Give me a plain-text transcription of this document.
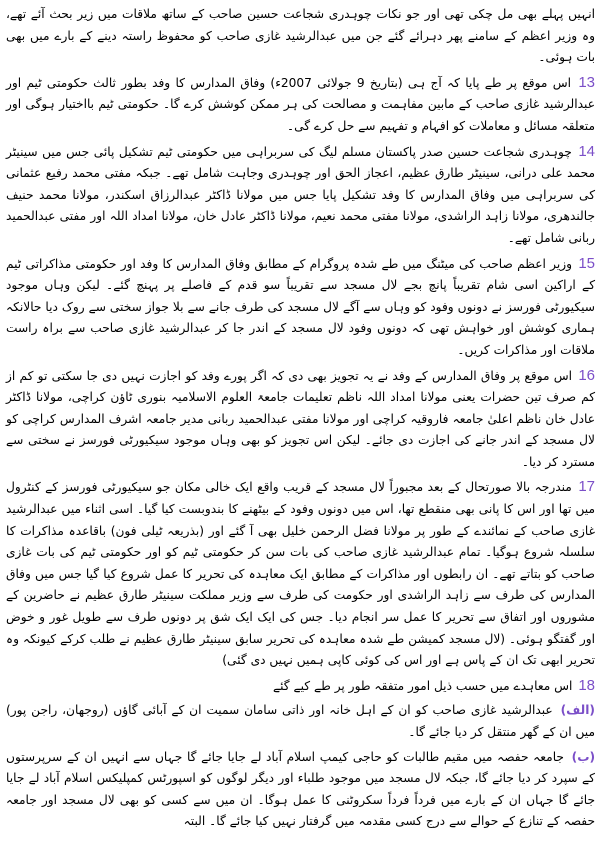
انہیں پہلے بھی مل چکی تھی اور جو نکات چوہدری شجاعت حسین صاحب کے ساتھ ملاقات میں زیر بحث آئے تھے، وہ وزیر اعظم کے سامنے پھر دہرائے گئے جن میں عبدالرشید غازی صاحب کو محفوظ راستہ دینے کے بارے میں بھی بات ہوئی۔

13 اس موقع پر طے پایا کہ آج ہی (بتاریخ 9 جولائی 2007ء) وفاق المدارس کا وفد بطور ثالث حکومتی ٹیم اور عبدالرشید غازی صاحب کے مابین مفاہمت و مصالحت کی ہر ممکن کوشش کرے گا۔ حکومتی ٹیم بااختیار ہوگی اور متعلقہ مسائل و معاملات کو افہام و تفہیم سے حل کرے گی۔

14 چوہدری شجاعت حسین صدر پاکستان مسلم لیگ کی سربراہی میں حکومتی ٹیم تشکیل پائی جس میں سینیٹر محمد علی درانی، سینیٹر طارق عظیم، اعجاز الحق اور چوہدری وجاہت شامل تھے۔ جبکہ مفتی محمد رفیع عثمانی کی سربراہی میں وفاق المدارس کا وفد تشکیل پایا جس میں مولانا ڈاکٹر عبدالرزاق اسکندر، مولانا محمد حنیف جالندھری، مولانا زاہد الراشدی، مولانا مفتی محمد نعیم، مولانا ڈاکٹر عادل خان، مولانا امداد اللہ اور مفتی عبدالحمید ربانی شامل تھے۔

15 وزیر اعظم صاحب کی میٹنگ میں طے شدہ پروگرام کے مطابق وفاق المدارس کا وفد اور حکومتی مذاکراتی ٹیم کے اراکین اسی شام تقریباً پانچ بجے لال مسجد سے تقریباً سو قدم کے فاصلے پر پہنچ گئے۔ لیکن وہاں موجود سیکیورٹی فورسز نے دونوں وفود کو وہاں سے آگے لال مسجد کی طرف جانے سے بلا جواز سختی سے روک دیا حالانکہ ہماری کوشش اور خواہش تھی کہ دونوں وفود لال مسجد کے اندر جا کر عبدالرشید غازی صاحب سے براہ راست ملاقات اور مذاکرات کریں۔

16 اس موقع پر وفاق المدارس کے وفد نے یہ تجویز بھی دی کہ اگر پورے وفد کو اجازت نہیں دی جا سکتی تو کم از کم صرف تین حضرات یعنی مولانا امداد اللہ ناظم تعلیمات جامعۃ العلوم الاسلامیہ بنوری ٹاؤن کراچی، مولانا ڈاکٹر عادل خان ناظم اعلیٰ جامعہ فاروقیہ کراچی اور مولانا مفتی عبدالحمید ربانی مدیر جامعہ اشرف المدارس کراچی کو لال مسجد کے اندر جانے کی اجازت دی جائے۔ لیکن اس تجویز کو بھی وہاں موجود سیکیورٹی فورسز نے سختی سے مسترد کر دیا۔

17 مندرجہ بالا صورتحال کے بعد مجبوراً لال مسجد کے قریب واقع ایک خالی مکان جو سیکیورٹی فورسز کے کنٹرول میں تھا اور اس کا پانی بھی منقطع تھا، اس میں دونوں وفود کے بیٹھنے کا بندوبست کیا گیا۔ اسی اثناء میں عبدالرشید غازی صاحب کے نمائندے کے طور پر مولانا فضل الرحمن خلیل بھی آ گئے اور (بذریعہ ٹیلی فون) باقاعدہ مذاکرات کا سلسلہ شروع ہوگیا۔ تمام عبدالرشید غازی صاحب کی بات سن کر حکومتی ٹیم کو اور حکومتی ٹیم کی بات غازی صاحب کو بتاتے تھے۔ ان رابطوں اور مذاکرات کے مطابق ایک معاہدہ کی تحریر کا عمل شروع کیا گیا جس میں وفاق المدارس کی طرف سے زاہد الراشدی اور حکومت کی طرف سے وزیر مملکت سینیٹر طارق عظیم نے حاضرین کے مشوروں اور اتفاق سے تحریر کا عمل سر انجام دیا۔ جس کی ایک ایک شق پر دونوں طرف سے طویل غور و خوض اور گفتگو ہوئی۔ (لال مسجد کمیشن طے شدہ معاہدہ کی تحریر سابق سینیٹر طارق عظیم نے طلب کرکے کیونکہ وہ تحریر ابھی تک ان کے پاس ہے اور اس کی کوئی کاپی ہمیں نہیں دی گئی)

18 اس معاہدے میں حسب ذیل امور متفقہ طور پر طے کیے گئے

(الف) عبدالرشید غازی صاحب کو ان کے اہل خانہ اور ذاتی سامان سمیت ان کے آبائی گاؤں (روجھان، راجن پور) میں ان کے گھر منتقل کر دیا جائے گا۔

(ب) جامعہ حفصہ میں مقیم طالبات کو حاجی کیمپ اسلام آباد لے جایا جائے گا جہاں سے انہیں ان کے سرپرستوں کے سپرد کر دیا جائے گا، جبکہ لال مسجد میں موجود طلباء اور دیگر لوگوں کو اسپورٹس کمپلیکس اسلام آباد لے جایا جائے گا جہاں ان کے بارے میں فرداً فرداً سکروٹنی کا عمل ہوگا۔ ان میں سے کسی کو بھی لال مسجد اور جامعہ حفصہ کے تنازع کے حوالے سے درج کسی مقدمہ میں گرفتار نہیں کیا جائے گا۔ البتہ
